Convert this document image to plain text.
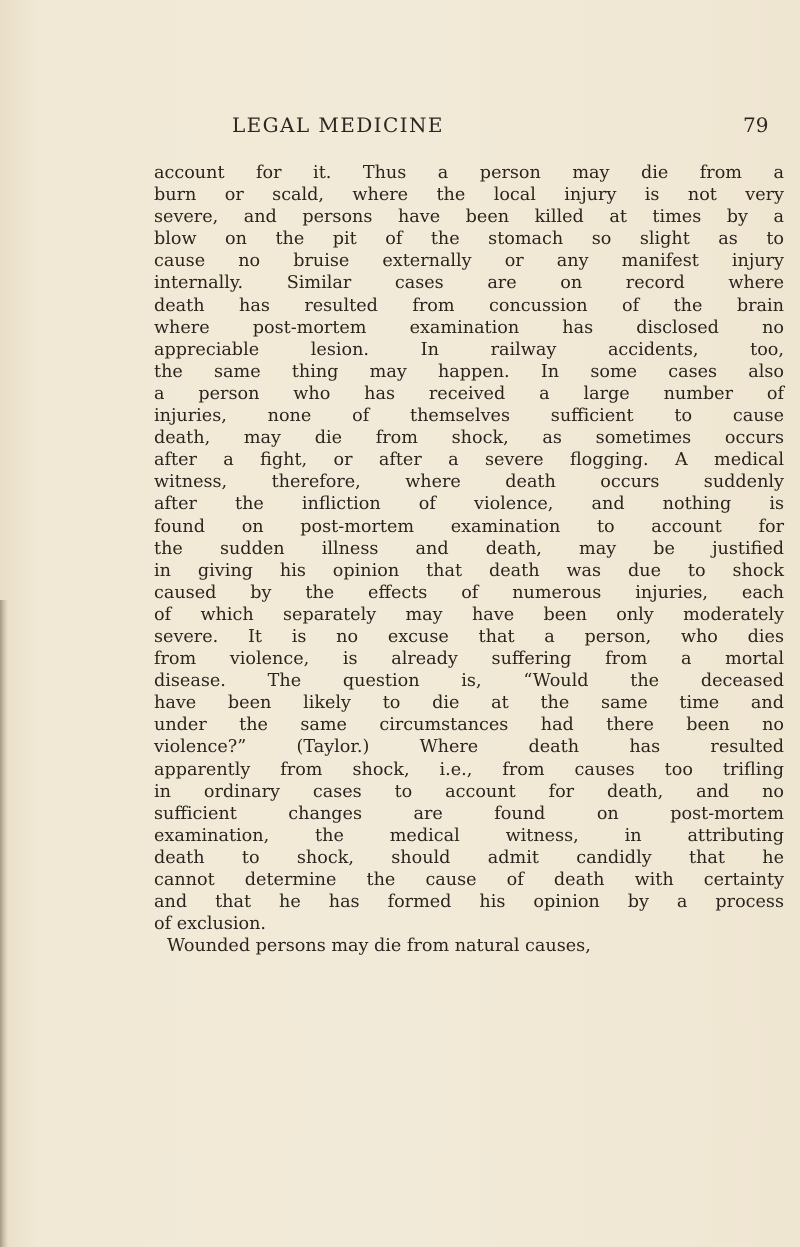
LEGAL MEDICINE	79
account for it. Thus a person may die from a
burn or scald, where the local injury is not very
severe, and persons have been killed at times by a
blow on the pit of the stomach so slight as to
cause no bruise externally or any manifest injury
internally. Similar cases are on record where
death has resulted from concussion of the brain
where post-mortem examination has disclosed no
appreciable lesion. In railway accidents, too,
the same thing may happen. In some cases also
a person who has received a large number of
injuries, none of themselves sufficient to cause
death, may die from shock, as sometimes occurs
after a fight, or after a severe flogging. A medical
witness, therefore, where death occurs suddenly
after the infliction of violence, and nothing is
found on post-mortem examination to account for
the sudden illness and death, may be justified
in giving his opinion that death was due to shock
caused by the effects of numerous injuries, each
of which separately may have been only moderately
severe. It is no excuse that a person, who dies
from violence, is already suffering from a mortal
disease. The question is, “Would the deceased
have been likely to die at the same time and
under the same circumstances had there been no
violence?” (Taylor.) Where death has resulted
apparently from shock, i.e., from causes too trifling
in ordinary cases to account for death, and no
sufficient changes are found on post-mortem
examination, the medical witness, in attributing
death to shock, should admit candidly that he
cannot determine the cause of death with certainty
and that he has formed his opinion by a process
of exclusion.
Wounded persons may die from natural causes,
